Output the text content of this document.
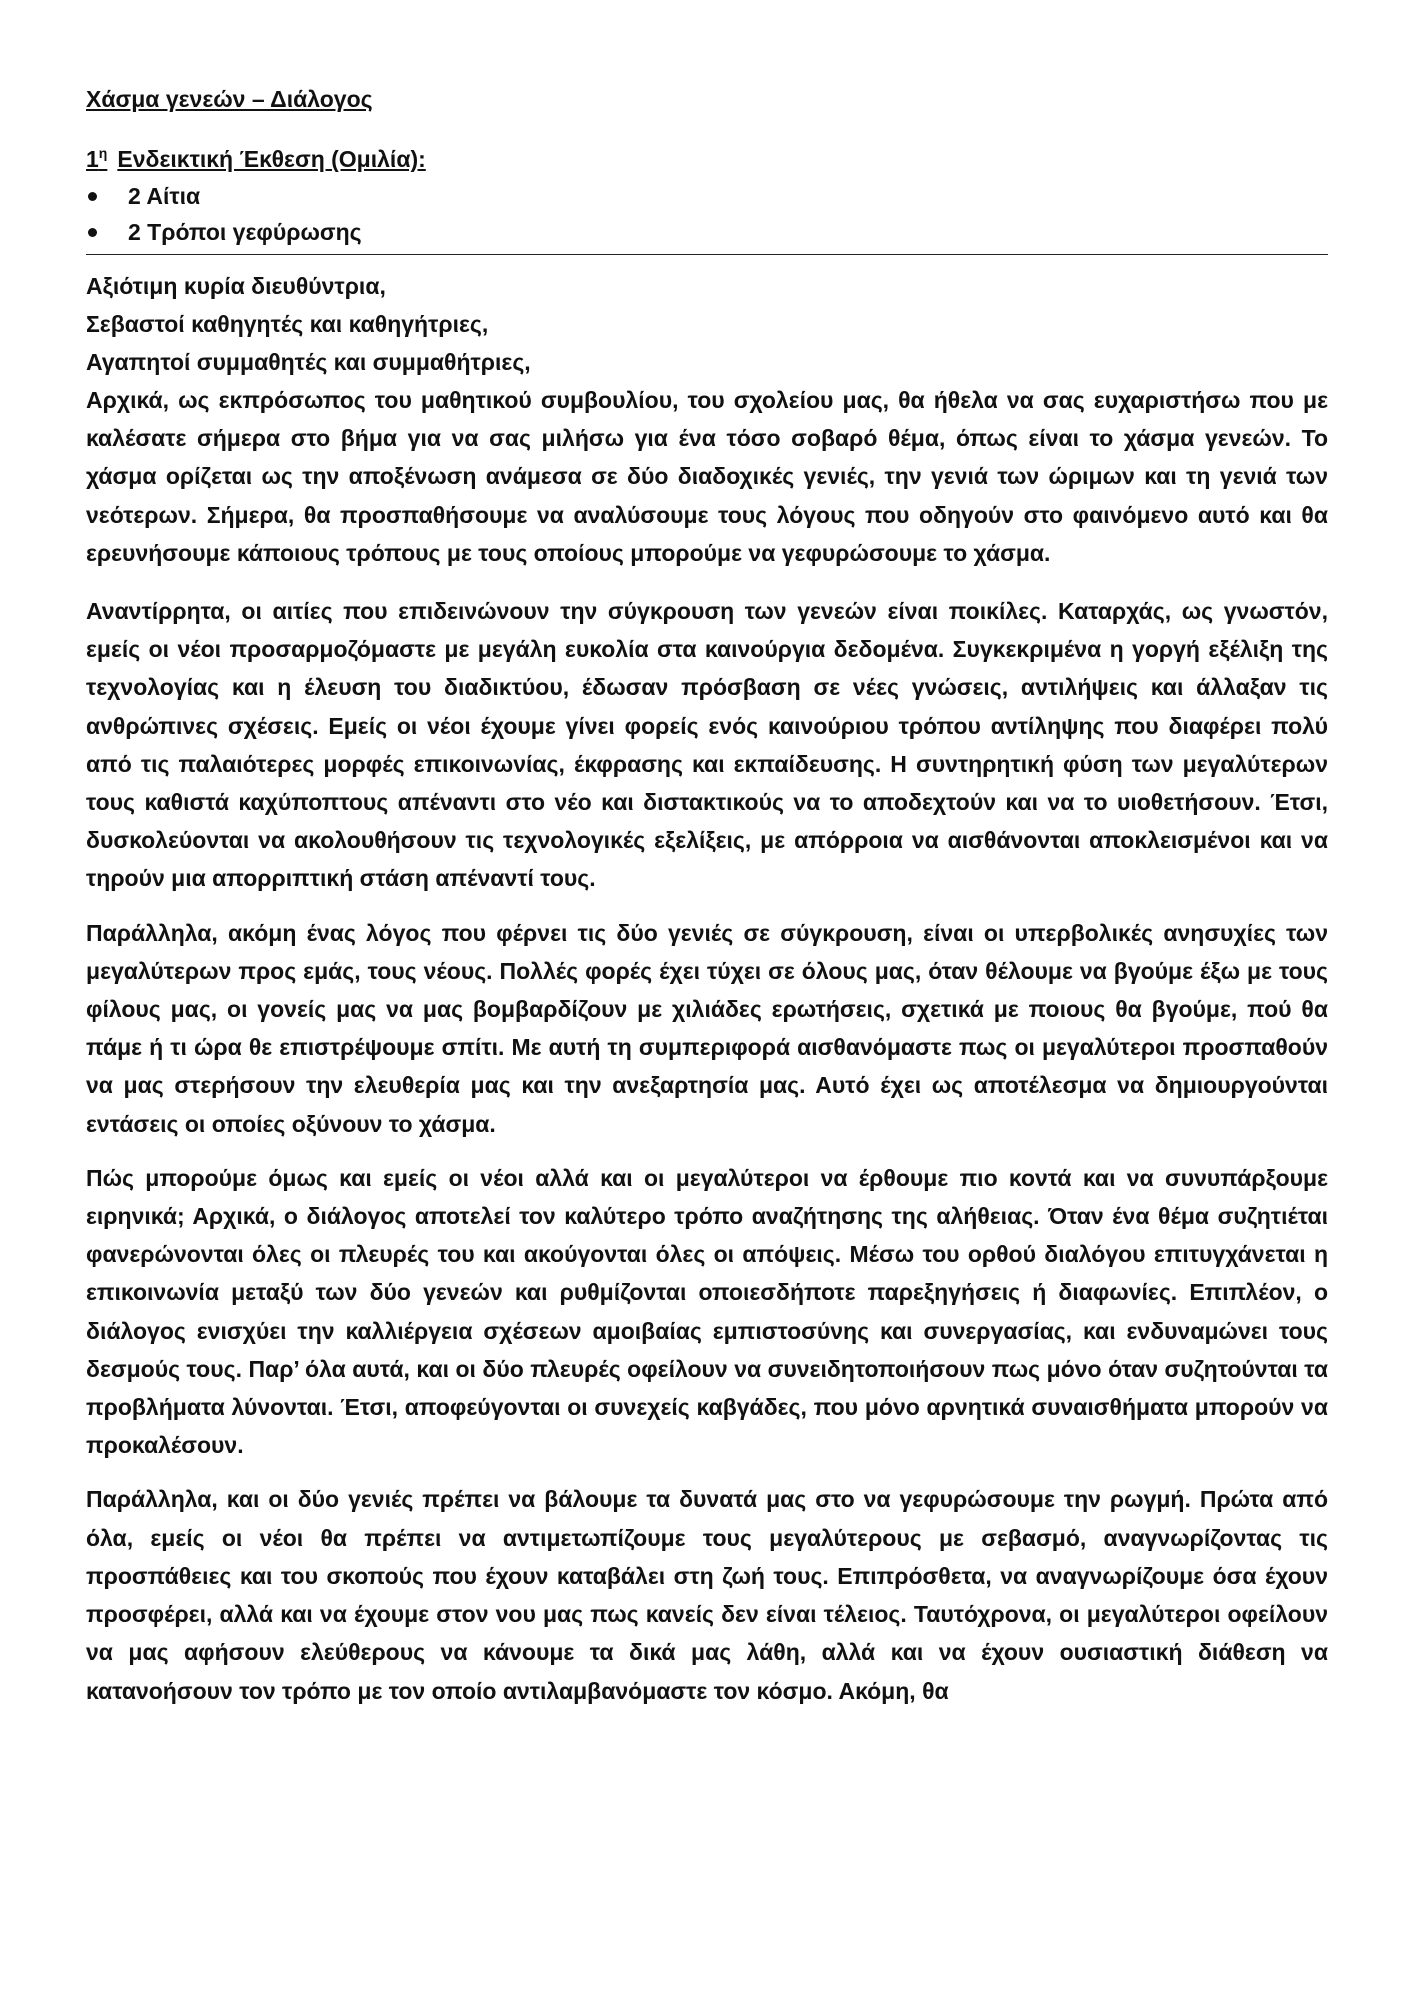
Χάσμα γενεών – Διάλογος
$1^\eta$ Ενδεικτική Έκθεση (Ομιλία):
2 Αίτια
2 Τρόποι γεφύρωσης

Αξιότιμη κυρία διευθύντρια,

Σεβαστοί καθηγητές και καθηγήτριες,

Αγαπητοί συμμαθητές και συμμαθήτριες,

Αρχικά, ως εκπρόσωπος του μαθητικού συμβουλίου, του σχολείου μας, θα ήθελα να σας ευχαριστήσω που με καλέσατε σήμερα στο βήμα για να σας μιλήσω για ένα τόσο σοβαρό θέμα, όπως είναι το χάσμα γενεών. Το χάσμα ορίζεται ως την αποξένωση ανάμεσα σε δύο διαδοχικές γενιές, την γενιά των ώριμων και τη γενιά των νεότερων. Σήμερα, θα προσπαθήσουμε να αναλύσουμε τους λόγους που οδηγούν στο φαινόμενο αυτό και θα ερευνήσουμε κάποιους τρόπους με τους οποίους μπορούμε να γεφυρώσουμε το χάσμα.

Αναντίρρητα, οι αιτίες που επιδεινώνουν την σύγκρουση των γενεών είναι ποικίλες. Καταρχάς, ως γνωστόν, εμείς οι νέοι προσαρμοζόμαστε με μεγάλη ευκολία στα καινούργια δεδομένα. Συγκεκριμένα η γοργή εξέλιξη της τεχνολογίας και η έλευση του διαδικτύου, έδωσαν πρόσβαση σε νέες γνώσεις, αντιλήψεις και άλλαξαν τις ανθρώπινες σχέσεις. Εμείς οι νέοι έχουμε γίνει φορείς ενός καινούριου τρόπου αντίληψης που διαφέρει πολύ από τις παλαιότερες μορφές επικοινωνίας, έκφρασης και εκπαίδευσης. Η συντηρητική φύση των μεγαλύτερων τους καθιστά καχύποπτους απέναντι στο νέο και διστακτικούς να το αποδεχτούν και να το υιοθετήσουν. Έτσι, δυσκολεύονται να ακολουθήσουν τις τεχνολογικές εξελίξεις, με απόρροια να αισθάνονται αποκλεισμένοι και να τηρούν μια απορριπτική στάση απέναντί τους.

Παράλληλα, ακόμη ένας λόγος που φέρνει τις δύο γενιές σε σύγκρουση, είναι οι υπερβολικές ανησυχίες των μεγαλύτερων προς εμάς, τους νέους. Πολλές φορές έχει τύχει σε όλους μας, όταν θέλουμε να βγούμε έξω με τους φίλους μας, οι γονείς μας να μας βομβαρδίζουν με χιλιάδες ερωτήσεις, σχετικά με ποιους θα βγούμε, πού θα πάμε ή τι ώρα θε επιστρέψουμε σπίτι. Με αυτή τη συμπεριφορά αισθανόμαστε πως οι μεγαλύτεροι προσπαθούν να μας στερήσουν την ελευθερία μας και την ανεξαρτησία μας. Αυτό έχει ως αποτέλεσμα να δημιουργούνται εντάσεις οι οποίες οξύνουν το χάσμα.

Πώς μπορούμε όμως και εμείς οι νέοι αλλά και οι μεγαλύτεροι να έρθουμε πιο κοντά και να συνυπάρξουμε ειρηνικά; Αρχικά, ο διάλογος αποτελεί τον καλύτερο τρόπο αναζήτησης της αλήθειας. Όταν ένα θέμα συζητιέται φανερώνονται όλες οι πλευρές του και ακούγονται όλες οι απόψεις. Μέσω του ορθού διαλόγου επιτυγχάνεται η επικοινωνία μεταξύ των δύο γενεών και ρυθμίζονται οποιεσδήποτε παρεξηγήσεις ή διαφωνίες. Επιπλέον, ο διάλογος ενισχύει την καλλιέργεια σχέσεων αμοιβαίας εμπιστοσύνης και συνεργασίας, και ενδυναμώνει τους δεσμούς τους. Παρ’ όλα αυτά, και οι δύο πλευρές οφείλουν να συνειδητοποιήσουν πως μόνο όταν συζητούνται τα προβλήματα λύνονται. Έτσι, αποφεύγονται οι συνεχείς καβγάδες, που μόνο αρνητικά συναισθήματα μπορούν να προκαλέσουν.

Παράλληλα, και οι δύο γενιές πρέπει να βάλουμε τα δυνατά μας στο να γεφυρώσουμε την ρωγμή. Πρώτα από όλα, εμείς οι νέοι θα πρέπει να αντιμετωπίζουμε τους μεγαλύτερους με σεβασμό, αναγνωρίζοντας τις προσπάθειες και του σκοπούς που έχουν καταβάλει στη ζωή τους. Επιπρόσθετα, να αναγνωρίζουμε όσα έχουν προσφέρει, αλλά και να έχουμε στον νου μας πως κανείς δεν είναι τέλειος. Ταυτόχρονα, οι μεγαλύτεροι οφείλουν να μας αφήσουν ελεύθερους να κάνουμε τα δικά μας λάθη, αλλά και να έχουν ουσιαστική διάθεση να κατανοήσουν τον τρόπο με τον οποίο αντιλαμβανόμαστε τον κόσμο. Ακόμη, θα
